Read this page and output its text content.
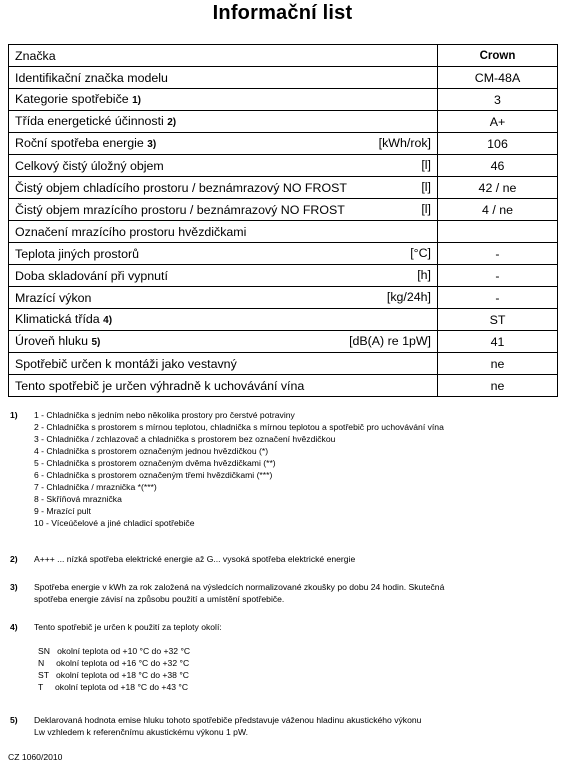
Informační list
Značka	Crown
Identifikační značka modelu	CM-48A
Kategorie spotřebiče 1)	3
Třída energetické účinnosti 2)	A+
Roční spotřeba energie 3) [kWh/rok]	106
Celkový čistý úložný objem [l]	46
Čistý objem chladícího prostoru / beznámrazový NO FROST [l]	42 / ne
Čistý objem mrazícího prostoru / beznámrazový NO FROST [l]	4 / ne
Označení mrazícího prostoru hvězdičkami	
Teplota jiných prostorů [°C]	-
Doba skladování při vypnutí [h]	-
Mrazící výkon [kg/24h]	-
Klimatická třída 4)	ST
Úroveň hluku 5) [dB(A) re 1pW]	41
Spotřebič určen k montáži jako vestavný	ne
Tento spotřebič je určen výhradně k uchovávání vína	ne
1) 1 - Chladnička s jedním nebo několika prostory pro čerstvé potraviny
2 - Chladnička s prostorem s mírnou teplotou, chladnička s mírnou teplotou a spotřebič pro uchovávání vína
3 - Chladnička / zchlazovač a chladnička s prostorem bez označení hvězdičkou
4 - Chladnička s prostorem označeným jednou hvězdičkou (*)
5 - Chladnička s prostorem označeným dvěma hvězdičkami (**)
6 - Chladnička s prostorem označeným třemi hvězdičkami (***)
7 - Chladnička / mraznička *(***)
8 - Skříňová mraznička
9 - Mrazící pult
10 - Víceúčelové a jiné chladicí spotřebiče
2) A+++ ... nízká spotřeba elektrické energie až G... vysoká spotřeba elektrické energie
3) Spotřeba energie v kWh za rok založená na výsledcích normalizované zkoušky po dobu 24 hodin. Skutečná
spotřeba energie závisí na způsobu použití a umístění spotřebiče.
4) Tento spotřebič je určen k použití za teploty okolí:
SN   okolní teplota od +10 °C do +32 °C
N     okolní teplota od +16 °C do +32 °C
ST   okolní teplota od +18 °C do +38 °C
T     okolní teplota od +18 °C do +43 °C
5) Deklarovaná hodnota emise hluku tohoto spotřebiče představuje váženou hladinu akustického výkonu
Lw vzhledem k referenčnímu akustickému výkonu 1 pW.
CZ 1060/2010
